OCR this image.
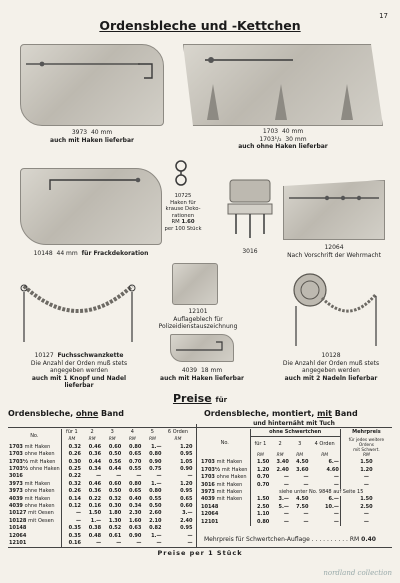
Ordensbleche und -Kettchen
17
3973 40 mm
auch mit Haken lieferbar
1703 40 mm
1703¹/₂ 30 mm
auch ohne Haken lieferbar
10148 44 mm für Frackdekoration
10725
Haken für
krause Deko-
rationen
RM 1.60
per 100 Stück
3016
12064
Nach Vorschrift der Wehrmacht
12101
Auflageblech für Polizeidienstauszeichnung
10127 Fuchsschwanzkette
Die Anzahl der Orden muß stets
angegeben werden
auch mit 1 Knopf und Nadel
lieferbar
4039 18 mm
auch mit Haken lieferbar
10128
Die Anzahl der Orden muß stets
angegeben werden
auch mit 2 Nadeln lieferbar
Preise für
Ordensbleche, ohne Band	Ordensbleche, montiert, mit Band
und hinternäht mit Tuch
No.	für 1	2	3	4	5	6 Orden
	RM	RM	RM	RM	RM	RM
1703 mit Haken	0.32	0.46	0.60	0.80	1.—	1.20
1703 ohne Haken	0.26	0.36	0.50	0.65	0.80	0.95
1703½ mit Haken	0.30	0.44	0.56	0.70	0.90	1.05
1703½ ohne Haken	0.25	0.34	0.44	0.55	0.75	0.90
3016	0.22	—	—	—	—	—
3973 mit Haken	0.32	0.46	0.60	0.80	1.—	1.20
3973 ohne Haken	0.26	0.36	0.50	0.65	0.80	0.95
4039 mit Haken	0.14	0.22	0.32	0.40	0.55	0.65
4039 ohne Haken	0.12	0.16	0.30	0.34	0.50	0.60
10127 mit Oesen	—	1.50	1.80	2.30	2.60	3.—
10128 mit Oesen	—	1.—	1.30	1.60	2.10	2.40
10148	0.35	0.38	0.52	0.63	0.82	0.95
12064	0.35	0.48	0.61	0.90	1.—	—
12101	0.16	—	—	—	—	—
No.	ohne Schwertchen				Mehrpreis
	für 1	2	3	4 Orden	für jedes weitere
Ordens
mit Schwert.
	RM	RM	RM	RM	RM
1703 mit Haken	1.50	3.40	4.50	6.—	1.50
1703½ mit Haken	1.20	2.40	3.60	4.60	1.20
1703 ohne Haken	0.70	—	—	—	—
3016 mit Haken	0.70	—	—	—	—
3973 mit Haken	siehe unter No. 9848 auf Seite 15				
4039 mit Haken	1.50	3.—	4.50	6.—	1.50
10148	2.50	5.—	7.50	10.—	2.50
12064	1.10	—	—	—	—
12101	0.80	—	—	—	—
Mehrpreis für Schwertchen-Auflage . . . . . . . . . . RM 0.40
Preise per 1 Stück
nordland collection
